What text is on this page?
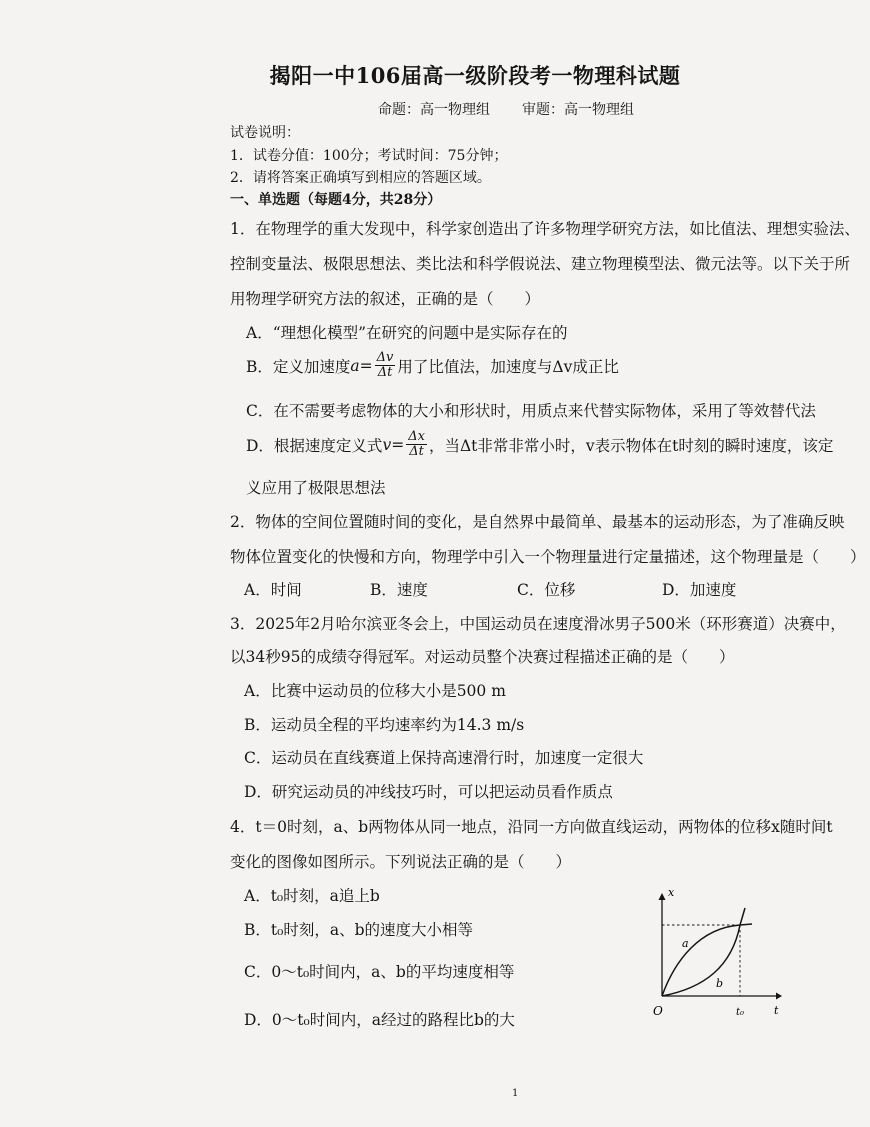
揭阳一中106届高一级阶段考一物理科试题
命题：高一物理组 审题：高一物理组
试卷说明：
1．试卷分值：100分；考试时间：75分钟；
2．请将答案正确填写到相应的答题区域。
一、单选题（每题4分，共28分）
1．在物理学的重大发现中，科学家创造出了许多物理学研究方法，如比值法、理想实验法、
控制变量法、极限思想法、类比法和科学假说法、建立物理模型法、微元法等。以下关于所
用物理学研究方法的叙述，正确的是（　　）
A．“理想化模型”在研究的问题中是实际存在的
B．定义加速度 $a = \frac{\Delta v}{\Delta t}$ 用了比值法，加速度与Δv成正比
C．在不需要考虑物体的大小和形状时，用质点来代替实际物体，采用了等效替代法
D．根据速度定义式 $v = \frac{\Delta x}{\Delta t}$ ，当Δt非常非常小时，v表示物体在t时刻的瞬时速度，该定
义应用了极限思想法
2．物体的空间位置随时间的变化，是自然界中最简单、最基本的运动形态，为了准确反映
物体位置变化的快慢和方向，物理学中引入一个物理量进行定量描述，这个物理量是（　　）
A．时间	B．速度	C．位移	D．加速度
3．2025年2月哈尔滨亚冬会上，中国运动员在速度滑冰男子500米（环形赛道）决赛中，
以34秒95的成绩夺得冠军。对运动员整个决赛过程描述正确的是（　　）
A．比赛中运动员的位移大小是500 m
B．运动员全程的平均速率约为14.3 m/s
C．运动员在直线赛道上保持高速滑行时，加速度一定很大
D．研究运动员的冲线技巧时，可以把运动员看作质点
4．t＝0时刻，a、b两物体从同一地点，沿同一方向做直线运动，两物体的位移x随时间t
变化的图像如图所示。下列说法正确的是（　　）
A．t₀时刻，a追上b
B．t₀时刻，a、b的速度大小相等
C．0～t₀时间内，a、b的平均速度相等
D．0～t₀时间内，a经过的路程比b的大
x
t
O	t₀
a
b
1
